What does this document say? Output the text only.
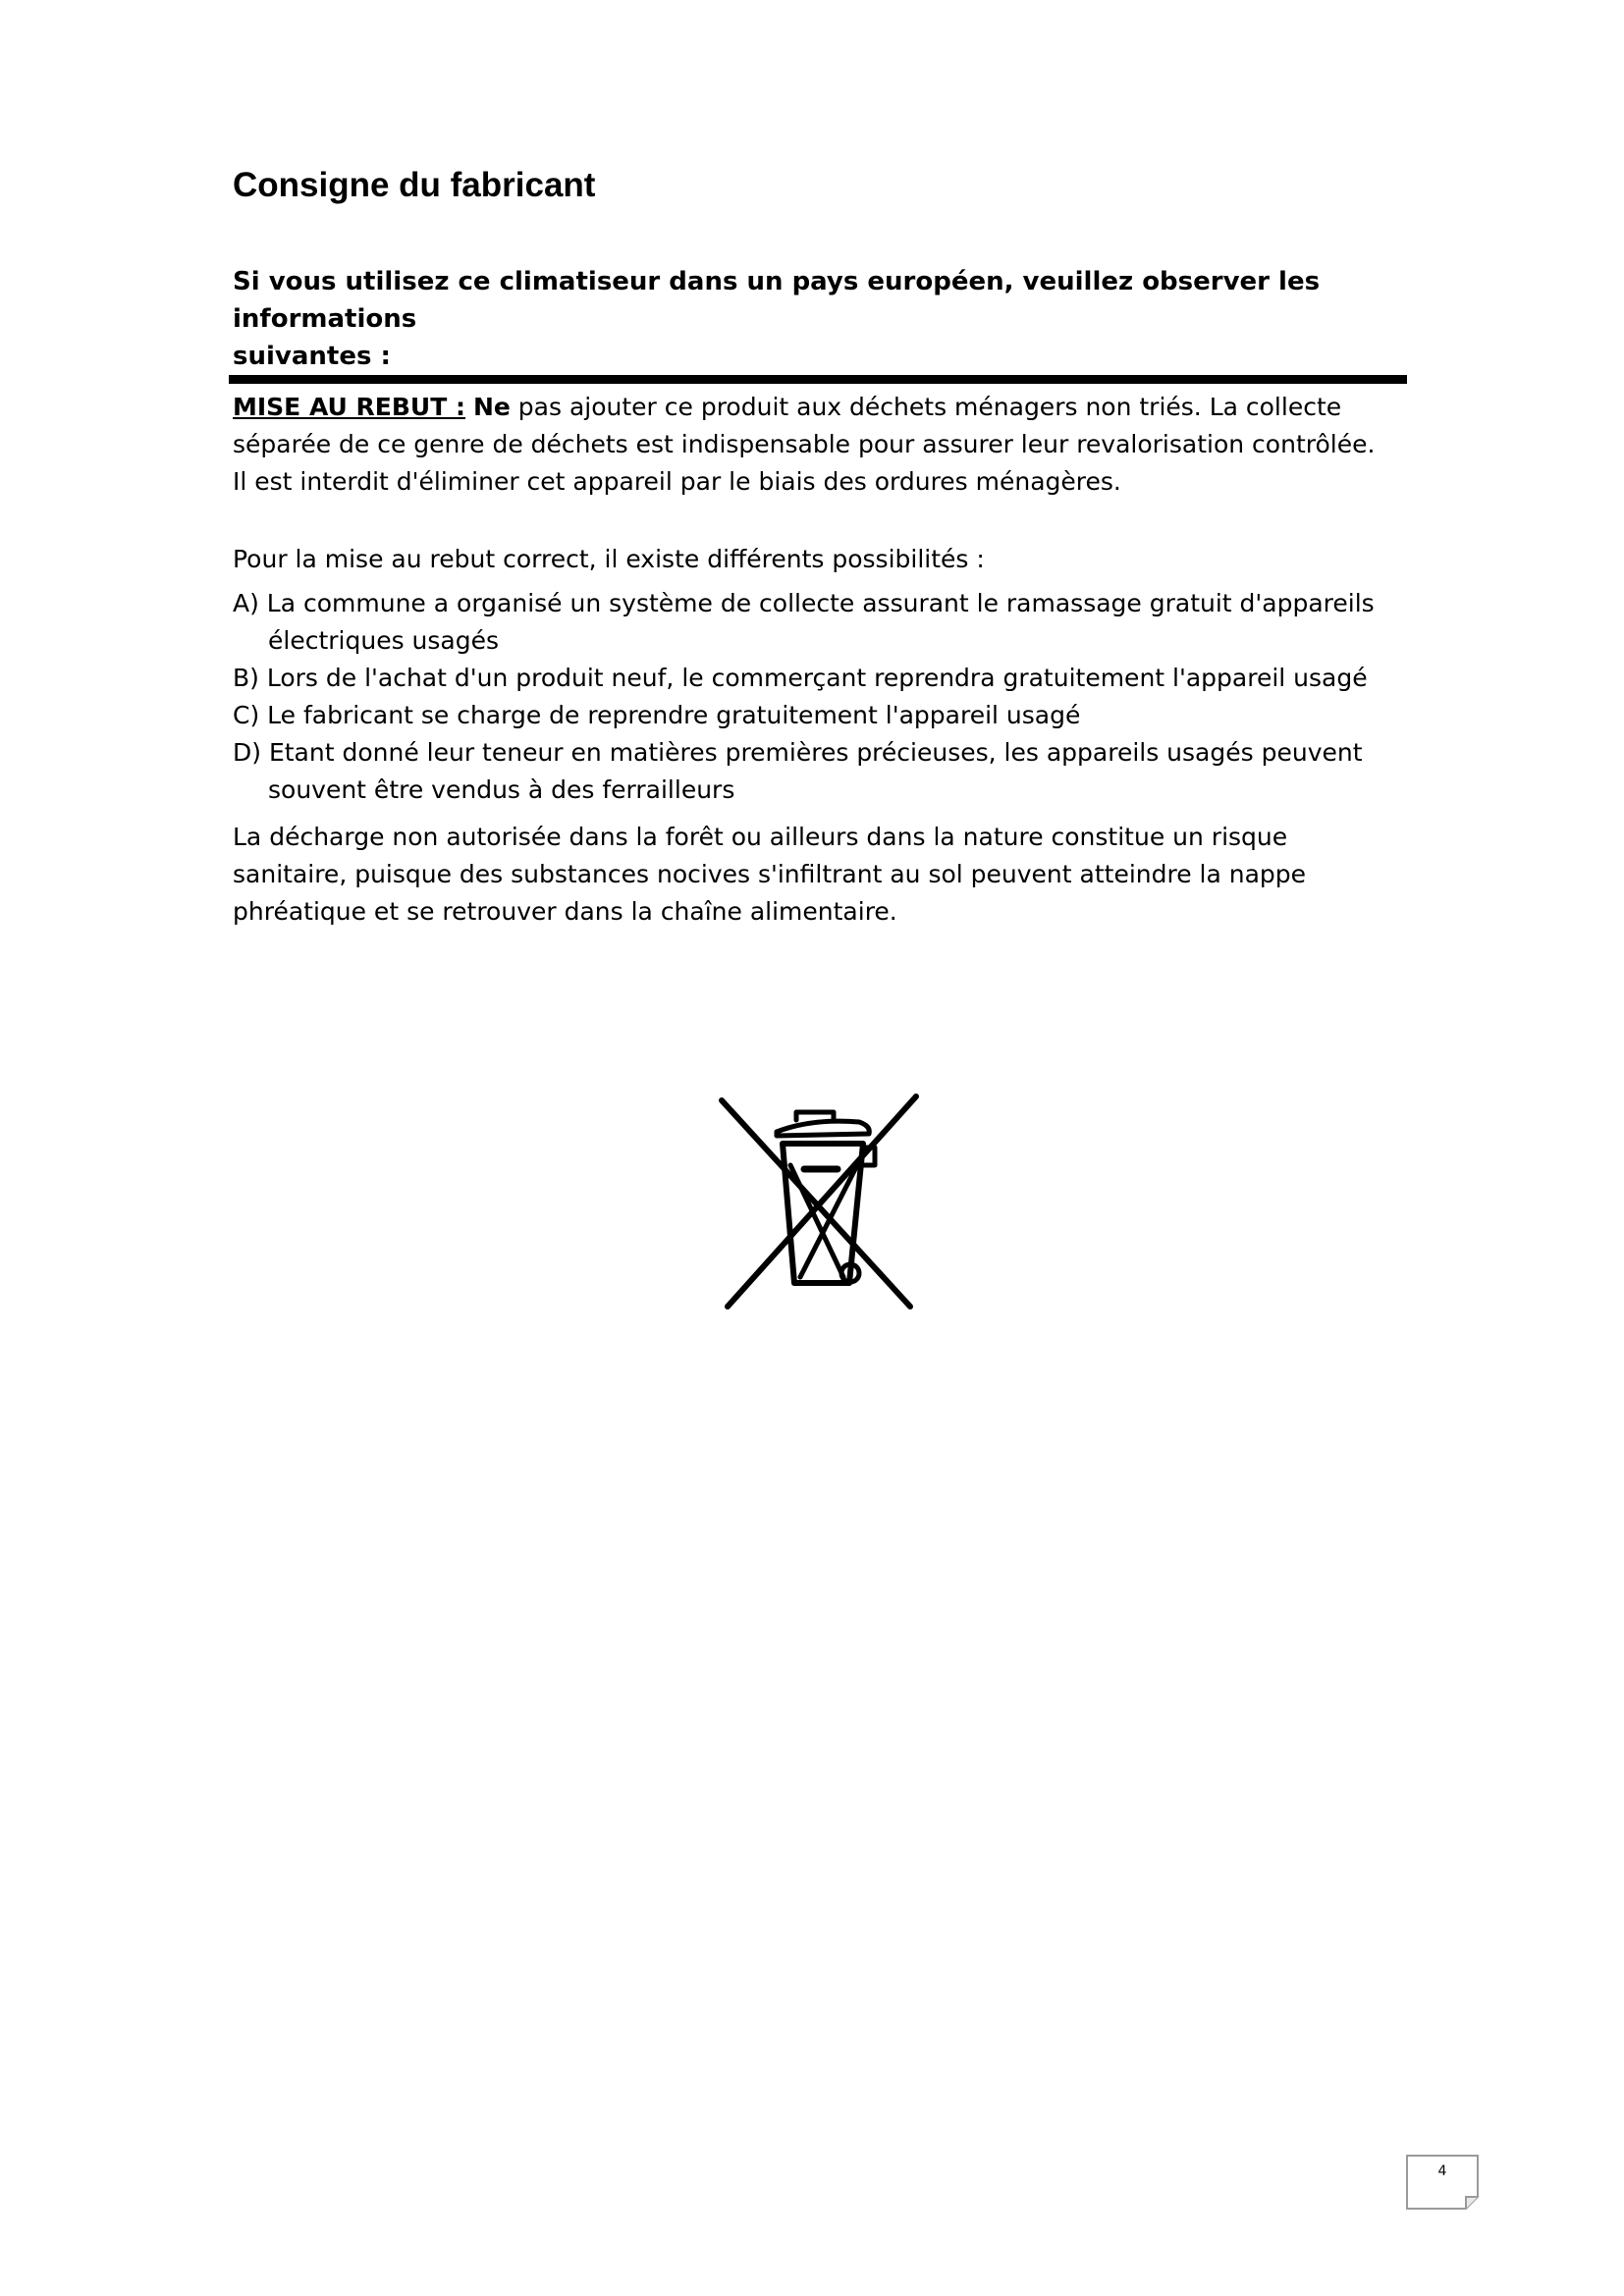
Consigne du fabricant

Si vous utilisez ce climatiseur dans un pays européen, veuillez observer les informations
suivantes :

MISE AU REBUT : Ne pas ajouter ce produit aux déchets ménagers non triés. La collecte
séparée de ce genre de déchets est indispensable pour assurer leur revalorisation contrôlée.
Il est interdit d'éliminer cet appareil par le biais des ordures ménagères.

Pour la mise au rebut correct, il existe différents possibilités :

A) La commune a organisé un système de collecte assurant le ramassage gratuit d'appareils
électriques usagés
B) Lors de l'achat d'un produit neuf, le commerçant reprendra gratuitement l'appareil usagé
C) Le fabricant se charge de reprendre gratuitement l'appareil usagé
D) Etant donné leur teneur en matières premières précieuses, les appareils usagés peuvent
souvent être vendus à des ferrailleurs

La décharge non autorisée dans la forêt ou ailleurs dans la nature constitue un risque
sanitaire, puisque des substances nocives s'infiltrant au sol peuvent atteindre la nappe
phréatique et se retrouver dans la chaîne alimentaire.

4
